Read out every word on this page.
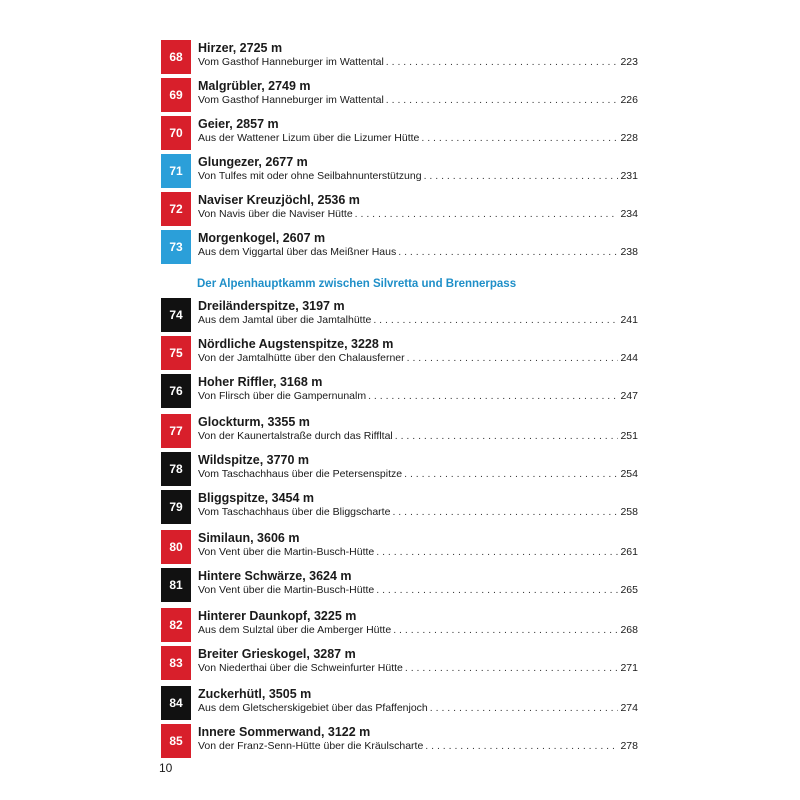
68
Hirzer, 2725 m
Vom Gasthof Hanneburger im Wattental . . .	223
69
Malgrübler, 2749 m
Vom Gasthof Hanneburger im Wattental . . .	226
70
Geier, 2857 m
Aus der Wattener Lizum über die Lizumer Hütte . . .	228
71
Glungezer, 2677 m
Von Tulfes mit oder ohne Seilbahnunterstützung . . .	231
72
Naviser Kreuzjöchl, 2536 m
Von Navis über die Naviser Hütte . . .	234
73
Morgenkogel, 2607 m
Aus dem Viggartal über das Meißner Haus . . .	238
74
Dreiländerspitze, 3197 m
Aus dem Jamtal über die Jamtalhütte . . .	241
75
Nördliche Augstenspitze, 3228 m
Von der Jamtalhütte über den Chalausferner . . .	244
76
Hoher Riffler, 3168 m
Von Flirsch über die Gampernunalm . . .	247
77
Glockturm, 3355 m
Von der Kaunertalstraße durch das Riffltal . . .	251
78
Wildspitze, 3770 m
Vom Taschachhaus über die Petersenspitze . . .	254
79
Bliggspitze, 3454 m
Vom Taschachhaus über die Bliggscharte . . .	258
80
Similaun, 3606 m
Von Vent über die Martin-Busch-Hütte . . .	261
81
Hintere Schwärze, 3624 m
Von Vent über die Martin-Busch-Hütte . . .	265
82
Hinterer Daunkopf, 3225 m
Aus dem Sulztal über die Amberger Hütte . . .	268
83
Breiter Grieskogel, 3287 m
Von Niederthai über die Schweinfurter Hütte . . .	271
84
Zuckerhütl, 3505 m
Aus dem Gletscherskigebiet über das Pfaffenjoch . . .	274
85
Innere Sommerwand, 3122 m
Von der Franz-Senn-Hütte über die Kräulscharte . . .	278
Der Alpenhauptkamm zwischen Silvretta und Brennerpass
10
